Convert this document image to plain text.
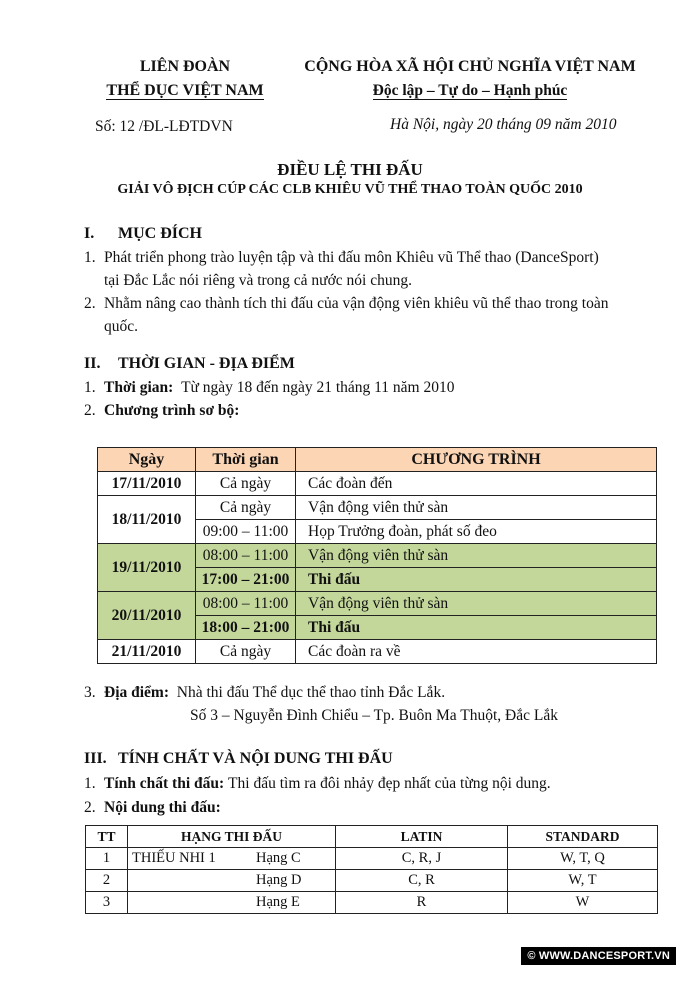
LIÊN ĐOÀN
THỂ DỤC VIỆT NAM
CỘNG HÒA XÃ HỘI CHỦ NGHĨA VIỆT NAM
Độc lập – Tự do – Hạnh phúc
Số: 12 /ĐL-LĐTDVN	Hà Nội, ngày 20 tháng 09 năm 2010
ĐIỀU LỆ THI ĐẤU
GIẢI VÔ ĐỊCH CÚP CÁC CLB KHIÊU VŨ THỂ THAO TOÀN QUỐC 2010
I. MỤC ĐÍCH
1. Phát triển phong trào luyện tập và thi đấu môn Khiêu vũ Thể thao (DanceSport)
tại Đắc Lắc nói riêng và trong cả nước nói chung.
2. Nhằm nâng cao thành tích thi đấu của vận động viên khiêu vũ thể thao trong toàn
quốc.
II. THỜI GIAN - ĐỊA ĐIỂM
1. Thời gian: Từ ngày 18 đến ngày 21 tháng 11 năm 2010
2. Chương trình sơ bộ:
Ngày	Thời gian	CHƯƠNG TRÌNH
17/11/2010	Cả ngày	Các đoàn đến
18/11/2010	Cả ngày	Vận động viên thử sàn
	09:00 – 11:00	Họp Trưởng đoàn, phát số đeo
19/11/2010	08:00 – 11:00	Vận động viên thử sàn
	17:00 – 21:00	Thi đấu
20/11/2010	08:00 – 11:00	Vận động viên thử sàn
	18:00 – 21:00	Thi đấu
21/11/2010	Cả ngày	Các đoàn ra về
3. Địa điểm: Nhà thi đấu Thể dục thể thao tỉnh Đắc Lắk.
Số 3 – Nguyễn Đình Chiểu – Tp. Buôn Ma Thuột, Đắc Lắk
III. TÍNH CHẤT VÀ NỘI DUNG THI ĐẤU
1. Tính chất thi đấu: Thi đấu tìm ra đôi nhảy đẹp nhất của từng nội dung.
2. Nội dung thi đấu:
TT	HẠNG THI ĐẤU	LATIN	STANDARD
1	THIẾU NHI 1 Hạng C	C, R, J	W, T, Q
2	Hạng D	C, R	W, T
3	Hạng E	R	W
© WWW.DANCESPORT.VN
